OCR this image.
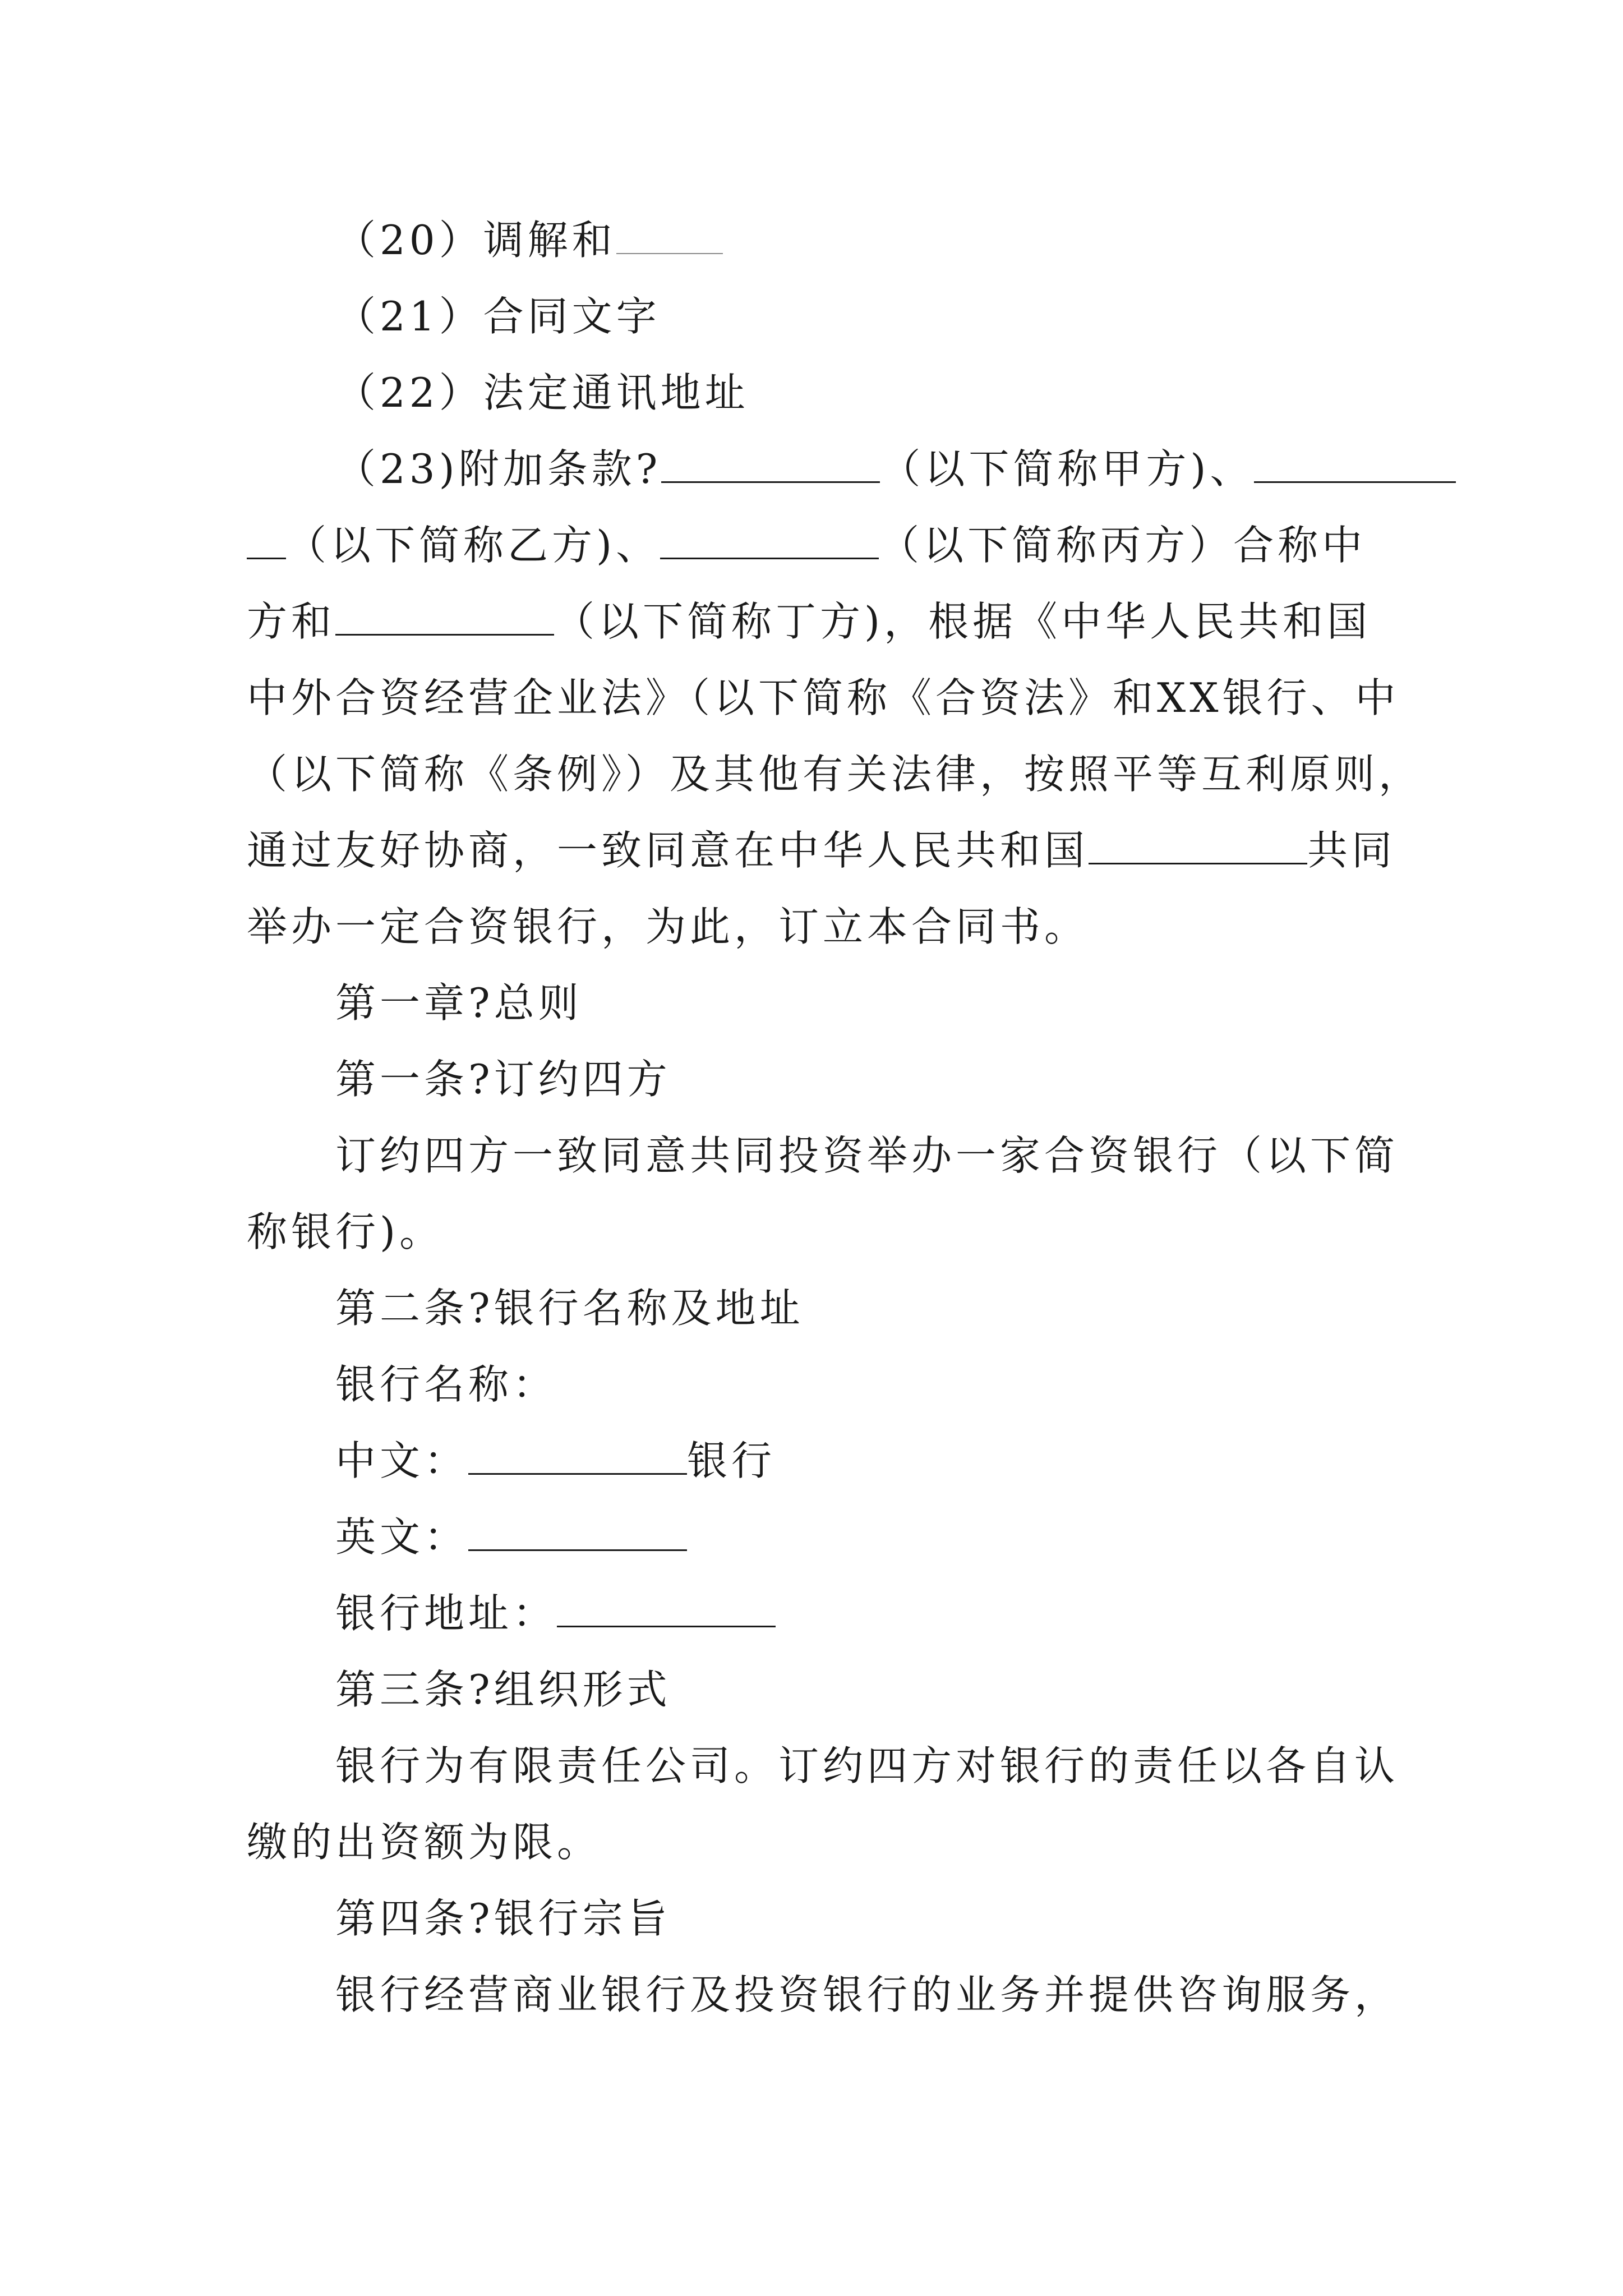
（20）调解和
（21）合同文字
（22）法定通讯地址
（23)附加条款?	（以下简称甲方)、
（以下简称乙方)、	（以下简称丙方）合称中
方和	（以下简称丁方)，根据《中华人民共和国
中外合资经营企业法》（以下简称《合资法》和XX银行、中
（以下简称《条例》）及其他有关法律，按照平等互利原则，
通过友好协商，一致同意在中华人民共和国	共同
举办一定合资银行，为此，订立本合同书。
第一章?总则
第一条?订约四方
订约四方一致同意共同投资举办一家合资银行（以下简
称银行)。
第二条?银行名称及地址
银行名称：
中文：	银行
英文：
银行地址：
第三条?组织形式
银行为有限责任公司。订约四方对银行的责任以各自认
缴的出资额为限。
第四条?银行宗旨
银行经营商业银行及投资银行的业务并提供咨询服务，
